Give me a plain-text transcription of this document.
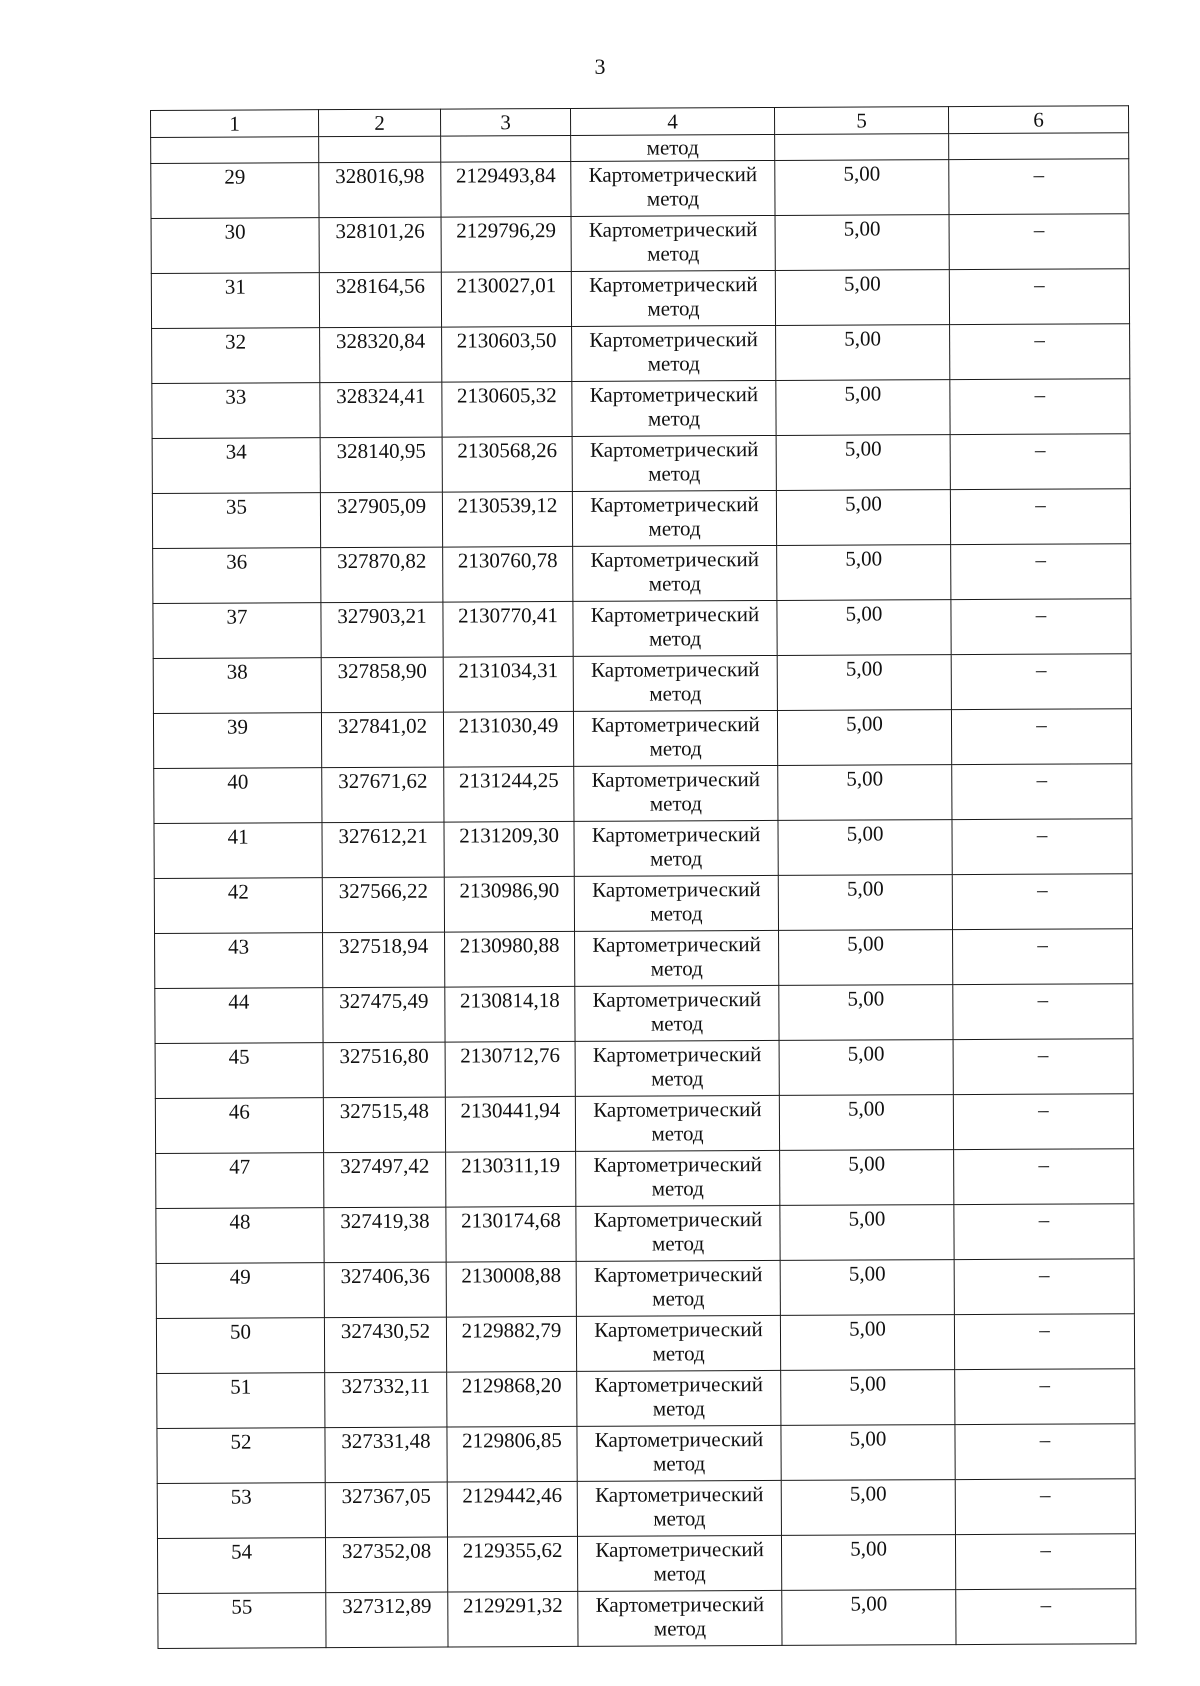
3
1	2	3	4	5	6
			метод		
29	328016,98	2129493,84	Картометрический
метод	5,00	–
30	328101,26	2129796,29	Картометрический
метод	5,00	–
31	328164,56	2130027,01	Картометрический
метод	5,00	–
32	328320,84	2130603,50	Картометрический
метод	5,00	–
33	328324,41	2130605,32	Картометрический
метод	5,00	–
34	328140,95	2130568,26	Картометрический
метод	5,00	–
35	327905,09	2130539,12	Картометрический
метод	5,00	–
36	327870,82	2130760,78	Картометрический
метод	5,00	–
37	327903,21	2130770,41	Картометрический
метод	5,00	–
38	327858,90	2131034,31	Картометрический
метод	5,00	–
39	327841,02	2131030,49	Картометрический
метод	5,00	–
40	327671,62	2131244,25	Картометрический
метод	5,00	–
41	327612,21	2131209,30	Картометрический
метод	5,00	–
42	327566,22	2130986,90	Картометрический
метод	5,00	–
43	327518,94	2130980,88	Картометрический
метод	5,00	–
44	327475,49	2130814,18	Картометрический
метод	5,00	–
45	327516,80	2130712,76	Картометрический
метод	5,00	–
46	327515,48	2130441,94	Картометрический
метод	5,00	–
47	327497,42	2130311,19	Картометрический
метод	5,00	–
48	327419,38	2130174,68	Картометрический
метод	5,00	–
49	327406,36	2130008,88	Картометрический
метод	5,00	–
50	327430,52	2129882,79	Картометрический
метод	5,00	–
51	327332,11	2129868,20	Картометрический
метод	5,00	–
52	327331,48	2129806,85	Картометрический
метод	5,00	–
53	327367,05	2129442,46	Картометрический
метод	5,00	–
54	327352,08	2129355,62	Картометрический
метод	5,00	–
55	327312,89	2129291,32	Картометрический
метод	5,00	–
